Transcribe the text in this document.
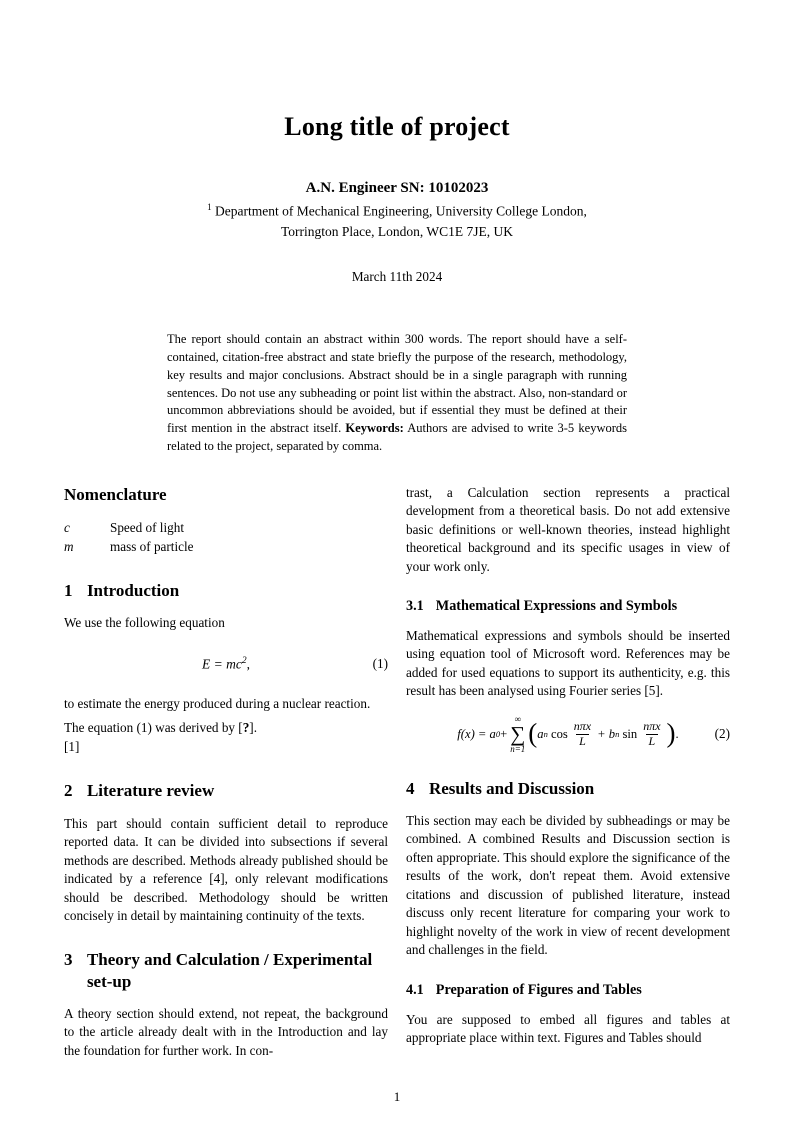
Long title of project
A.N. Engineer SN: 10102023
$^1$ Department of Mechanical Engineering, University College London,
Torrington Place, London, WC1E 7JE, UK
March 11th 2024

The report should contain an abstract within 300 words. The report should have a self-contained, citation-free abstract and state briefly the purpose of the research, methodology, key results and major conclusions. Abstract should be in a single paragraph with running sentences. Do not use any subheading or point list within the abstract. Also, non-standard or uncommon abbreviations should be avoided, but if essential they must be defined at their first mention in the abstract itself. Keywords: Authors are advised to write 3-5 keywords related to the project, separated by comma.

Nomenclature
c	Speed of light
m	mass of particle
1 Introduction

We use the following equation

$E = mc^2$,	(1)

to estimate the energy produced during a nuclear reaction.

The equation (1) was derived by [?].

[1]

2 Literature review

This part should contain sufficient detail to reproduce reported data. It can be divided into subsections if several methods are described. Methods already published should be indicated by a reference [4], only relevant modifications should be described. Methodology should be written concisely in detail by maintaining continuity of the texts.

3 Theory and Calculation / Experimental set-up

A theory section should extend, not repeat, the background to the article already dealt with in the Introduction and lay the foundation for further work. In con-

trast, a Calculation section represents a practical development from a theoretical basis. Do not add extensive basic definitions or well-known theories, instead highlight theoretical background and its specific usages in view of your work only.

3.1 Mathematical Expressions and Symbols

Mathematical expressions and symbols should be inserted using equation tool of Microsoft word. References may be added for used equations to support its authenticity, e.g. this result has been analysed using Fourier series [5].

f(x) = a 0 +
∞
∑
n=1
( a n
$\cos \frac{\text{nπx}}{L} + b$ n
$\sin \frac{\text{nπx}}{L}$ ) .	(2)
4 Results and Discussion

This section may each be divided by subheadings or may be combined. A combined Results and Discussion section is often appropriate. This should explore the significance of the results of the work, don't repeat them. Avoid extensive citations and discussion of published literature, instead discuss only recent literature for comparing your work to highlight novelty of the work in view of recent development and challenges in the field.

4.1 Preparation of Figures and Tables

You are supposed to embed all figures and tables at appropriate place within text. Figures and Tables should

1
